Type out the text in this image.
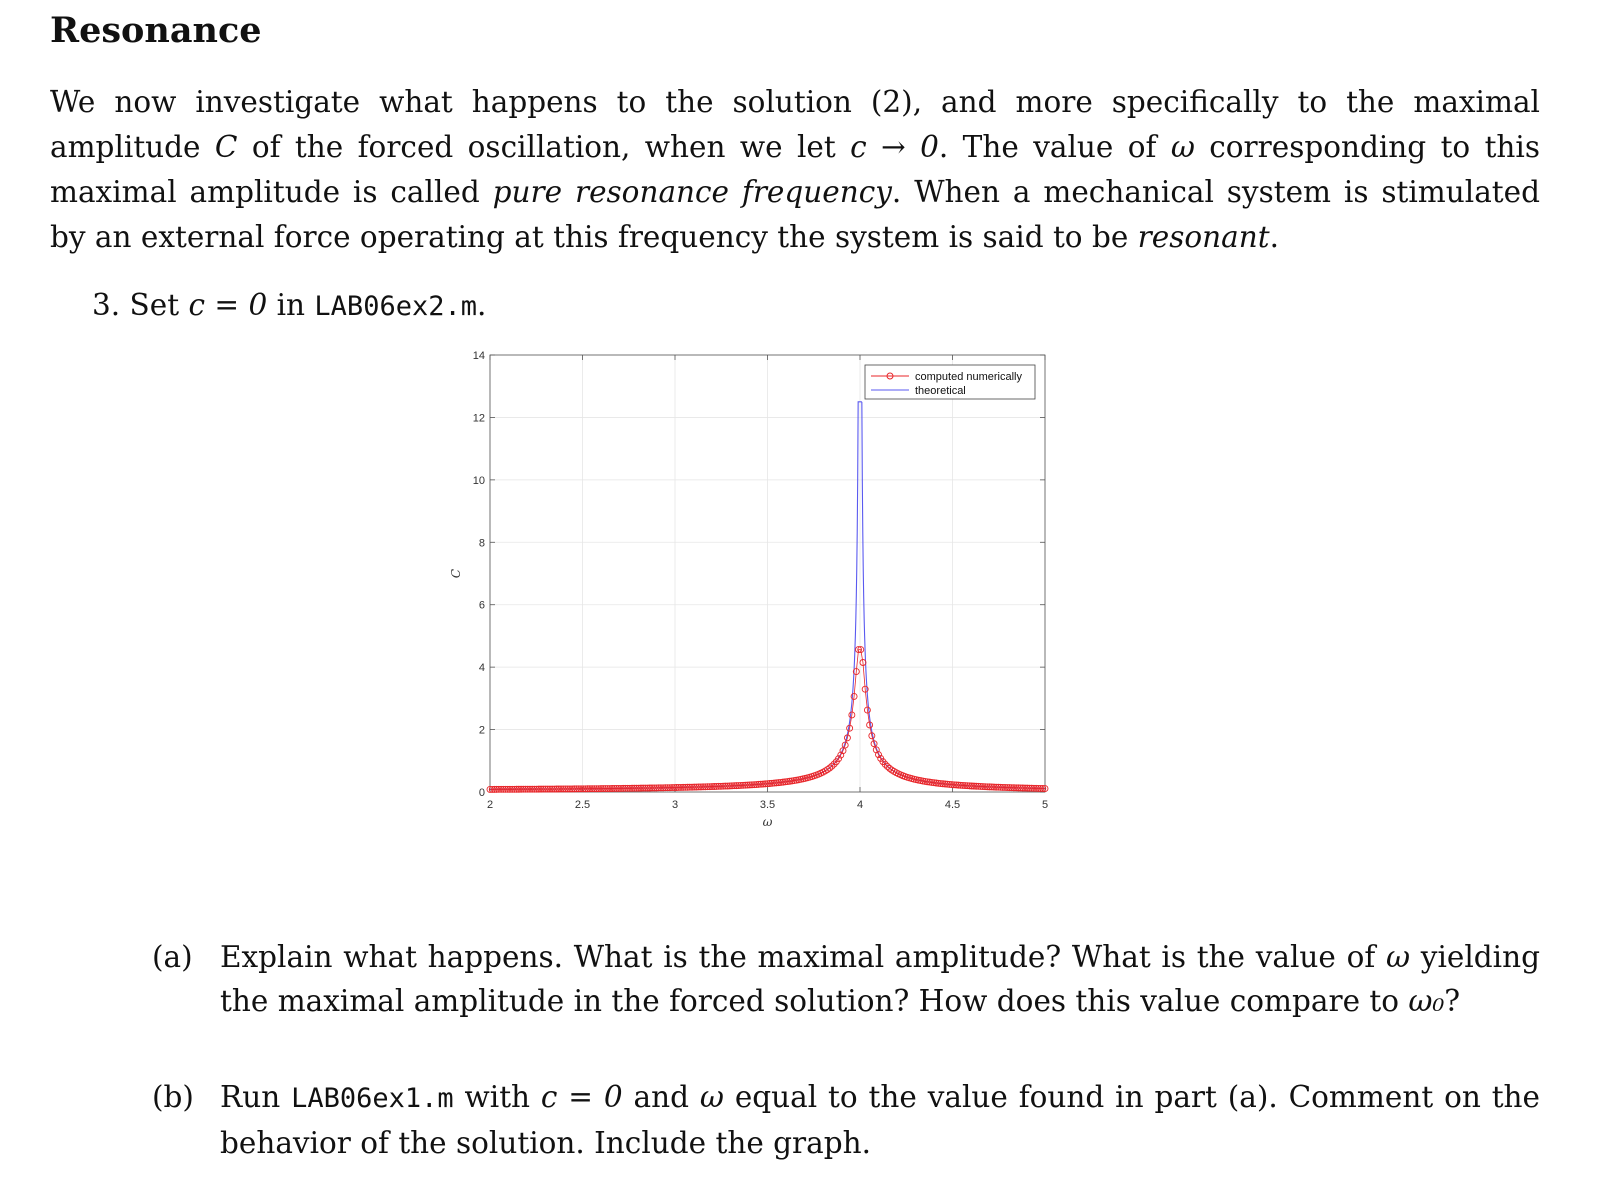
Resonance

We now investigate what happens to the solution (2), and more specifically to the maximal amplitude C of the forced oscillation, when we let c → 0. The value of ω corresponding to this maximal amplitude is called pure resonance frequency. When a mechanical system is stimulated by an external force operating at this frequency the system is said to be resonant.

3. Set c = 0 in LAB06ex2.m.

2	2.5	3	3.5	4	4.5	5
0
2
4
6
8
10
12
14
ω
C
computed numerically
theoretical
(a) Explain what happens. What is the maximal amplitude? What is the value of ω yielding the maximal amplitude in the forced solution? How does this value compare to ω₀?
(b) Run LAB06ex1.m with c = 0 and ω equal to the value found in part (a). Comment on the behavior of the solution. Include the graph.
